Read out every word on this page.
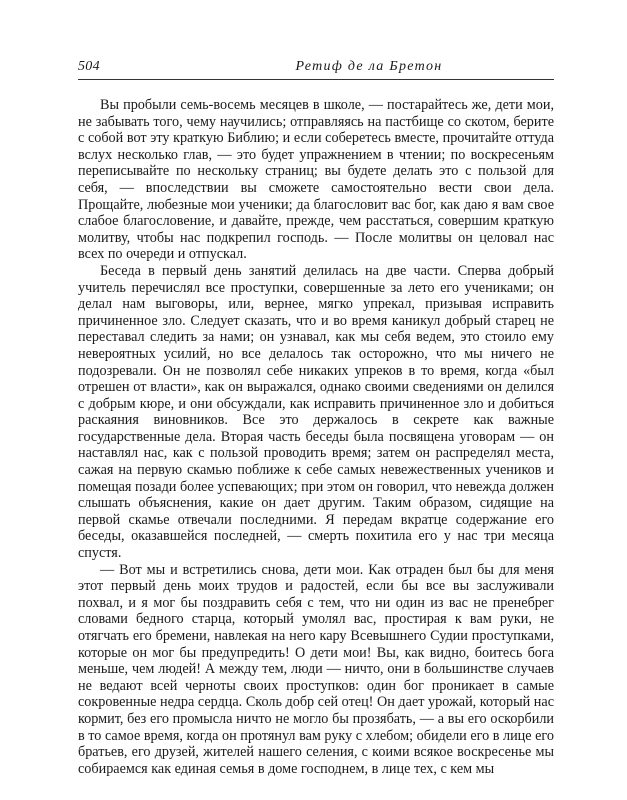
504	Ретиф де ла Бретон

Вы пробыли семь-восемь месяцев в школе, — постарайтесь же, дети мои, не забывать того, чему научились; отправляясь на пастбище со скотом, берите с собой вот эту краткую Библию; и если соберетесь вместе, прочитайте оттуда вслух несколько глав, — это будет упражнением в чтении; по воскресеньям переписывайте по нескольку страниц; вы будете делать это с пользой для себя, — впоследствии вы сможете самостоятельно вести свои дела. Прощайте, любезные мои ученики; да благословит вас бог, как даю я вам свое слабое благословение, и давайте, прежде, чем расстаться, совершим краткую молитву, чтобы нас подкрепил господь. — После молитвы он целовал нас всех по очереди и отпускал.

Беседа в первый день занятий делилась на две части. Сперва добрый учитель перечислял все проступки, совершенные за лето его учениками; он делал нам выговоры, или, вернее, мягко упрекал, призывая исправить причиненное зло. Следует сказать, что и во время каникул добрый старец не переставал следить за нами; он узнавал, как мы себя ведем, это стоило ему невероятных усилий, но все делалось так осторожно, что мы ничего не подозревали. Он не позволял себе никаких упреков в то время, когда «был отрешен от власти», как он выражался, однако своими сведениями он делился с добрым кюре, и они обсуждали, как исправить причиненное зло и добиться раскаяния виновников. Все это держалось в секрете как важные государственные дела. Вторая часть беседы была посвящена уговорам — он наставлял нас, как с пользой проводить время; затем он распределял места, сажая на первую скамью поближе к себе самых невежественных учеников и помещая позади более успевающих; при этом он говорил, что невежда должен слышать объяснения, какие он дает другим. Таким образом, сидящие на первой скамье отвечали последними. Я передам вкратце содержание его беседы, оказавшейся последней, — смерть похитила его у нас три месяца спустя.

— Вот мы и встретились снова, дети мои. Как отраден был бы для меня этот первый день моих трудов и радостей, если бы все вы заслуживали похвал, и я мог бы поздравить себя с тем, что ни один из вас не пренебрег словами бедного старца, который умолял вас, простирая к вам руки, не отягчать его бремени, навлекая на него кару Всевышнего Судии проступками, которые он мог бы предупредить! О дети мои! Вы, как видно, боитесь бога меньше, чем людей! А между тем, люди — ничто, они в большинстве случаев не ведают всей черноты своих проступков: один бог проникает в самые сокровенные недра сердца. Сколь добр сей отец! Он дает урожай, который нас кормит, без его промысла ничто не могло бы прозябать, — а вы его оскорбили в то самое время, когда он протянул вам руку с хлебом; обидели его в лице его братьев, его друзей, жителей нашего селения, с коими всякое воскресенье мы собираемся как единая семья в доме господнем, в лице тех, с кем мы
